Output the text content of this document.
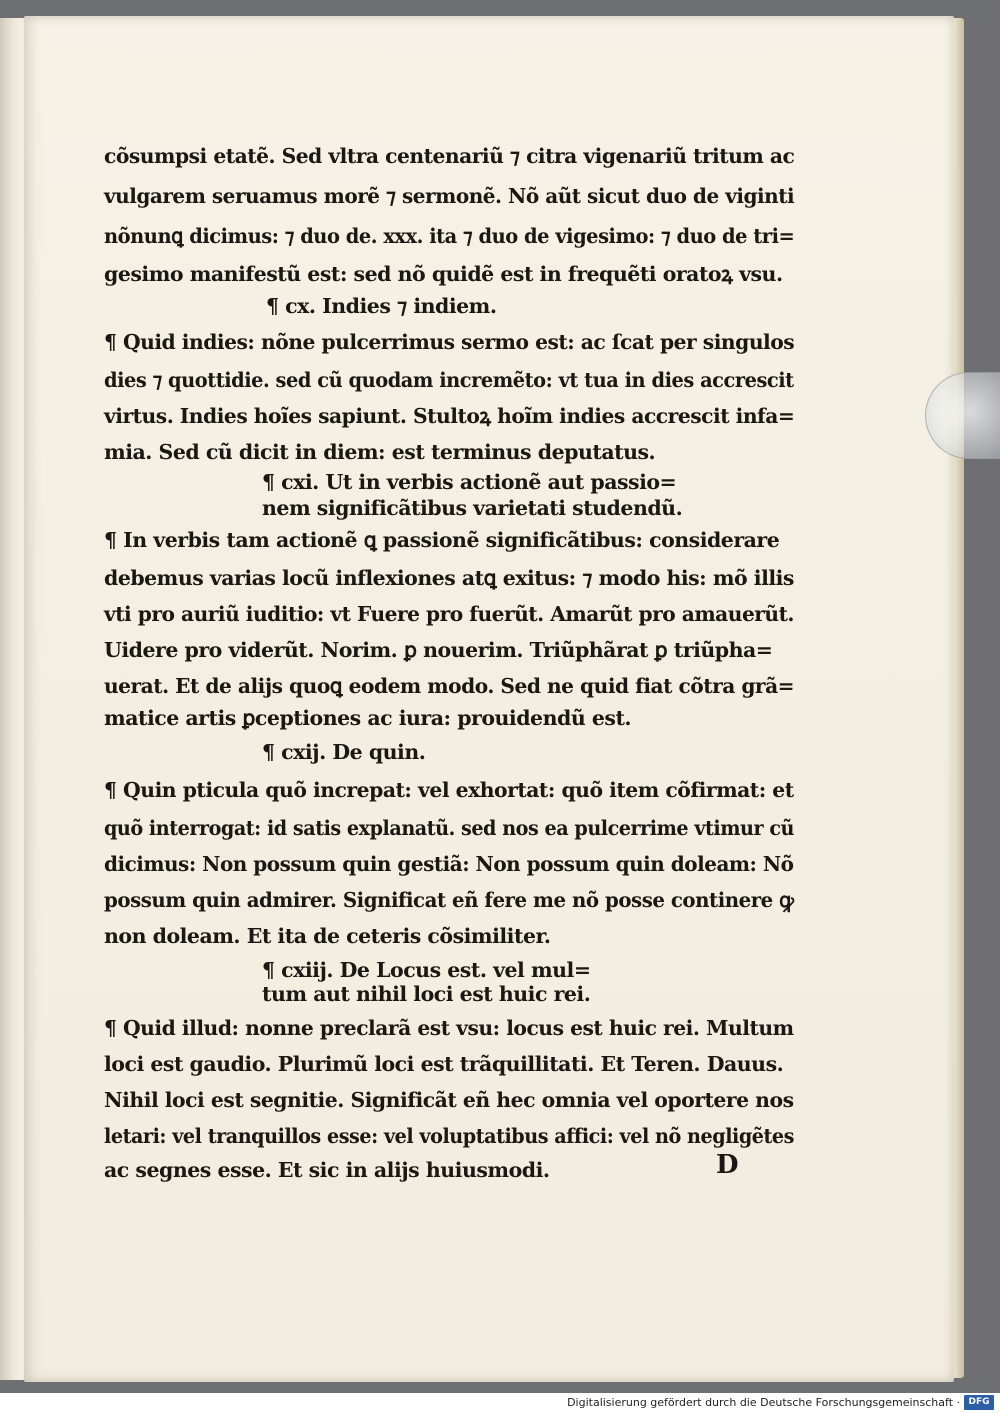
cõsumpsi etatẽ. Sed vltra centenariũ ⁊ citra vigenariũ tritum ac
vulgarem seruamus morẽ ⁊ sermonẽ. Nõ aũt sicut duo de viginti
nõnunꝗ dicimus: ⁊ duo de. xxx. ita ⁊ duo de vigesimo: ⁊ duo de tri=
gesimo manifestũ est: sed nõ quidẽ est in frequẽti oratoꝝ vsu.
¶ cx. Indies ⁊ indiem.
¶ Quid indies: nõne pulcerrimus sermo est: ac ſcat per singulos
dies ⁊ quottidie. sed cũ quodam incremẽto: vt tua in dies accrescit
virtus. Indies hoĩes sapiunt. Stultoꝝ hoĩm indies accrescit infa=
mia. Sed cũ dicit in diem: est terminus deputatus.
¶ cxi. Ut in verbis actionẽ aut passio=
nem significãtibus varietati studendũ.
¶ In verbis tam actionẽ ꝗ passionẽ significãtibus: considerare
debemus varias locũ inflexiones atꝗ exitus: ⁊ modo his: mõ illis
vti pro auriũ iuditio: vt Fuere pro fuerũt. Amarũt pro amauerũt.
Uidere pro viderũt. Norim. ꝑ nouerim. Triũphãrat ꝑ triũpha=
uerat. Et de alijs quoꝗ eodem modo. Sed ne quid fiat cõtra grã=
matice artis ꝑceptiones ac iura: prouidendũ est.
¶ cxij. De quin.
¶ Quin pticula quõ increpat: vel exhortat: quõ item cõfirmat: et
quõ interrogat: id satis explanatũ. sed nos ea pulcerrime vtimur cũ
dicimus: Non possum quin gestiã: Non possum quin doleam: Nõ
possum quin admirer. Significat eñ fere me nõ posse continere ꝙ
non doleam. Et ita de ceteris cõsimiliter.
¶ cxiij. De Locus est. vel mul=
tum aut nihil loci est huic rei.
¶ Quid illud: nonne preclarã est vsu: locus est huic rei. Multum
loci est gaudio. Plurimũ loci est trãquillitati. Et Teren. Dauus.
Nihil loci est segnitie. Significãt eñ hec omnia vel oportere nos
letari: vel tranquillos esse: vel voluptatibus affici: vel nõ negligẽtes
ac segnes esse. Et sic in alijs huiusmodi.	D
Digitalisierung gefördert durch die Deutsche Forschungsgemeinschaft · DFG
